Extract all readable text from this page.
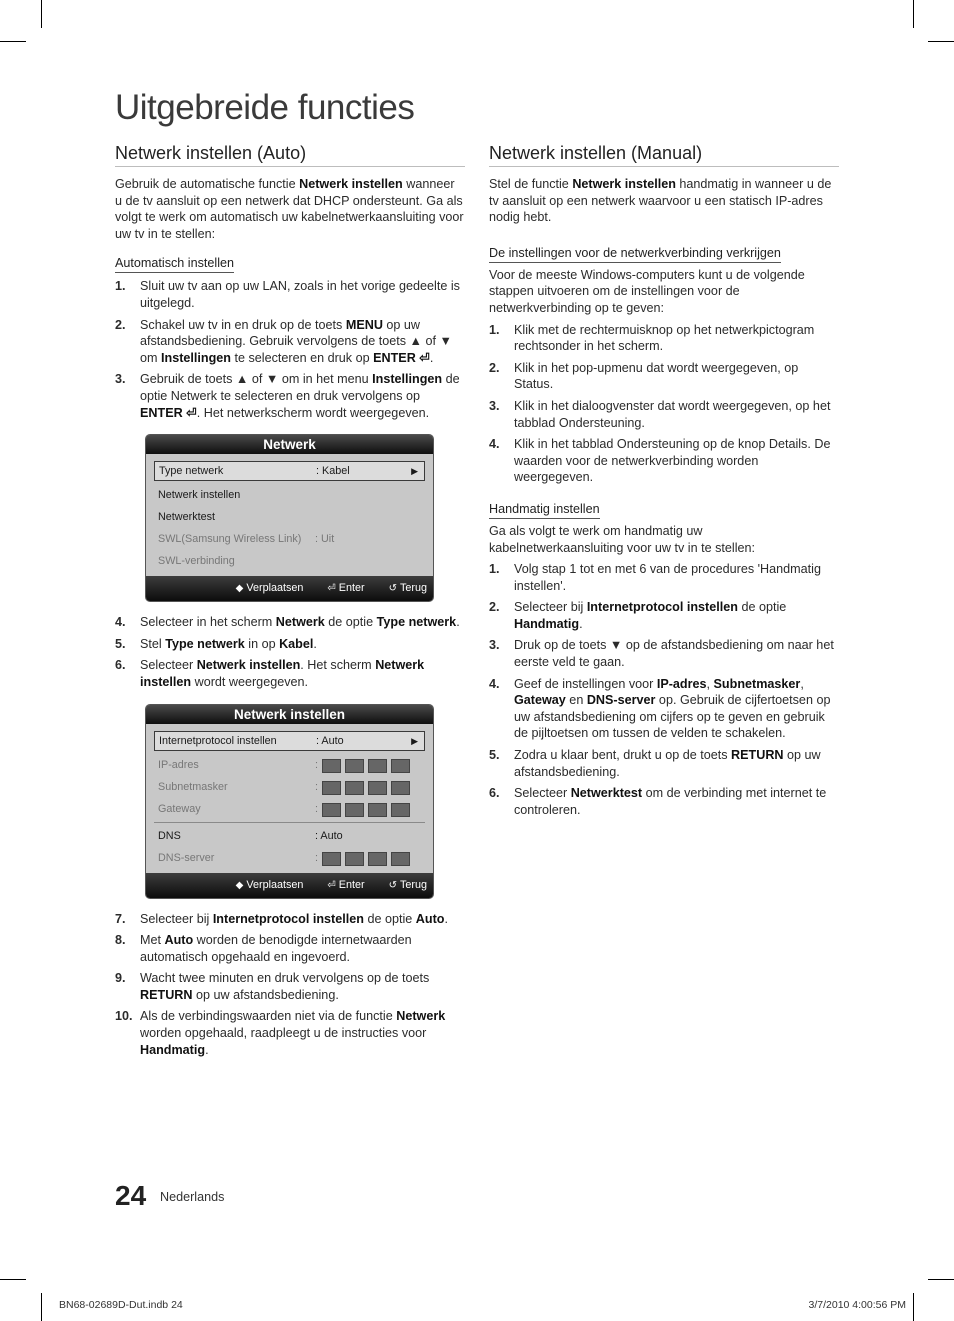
Uitgebreide functies
Netwerk instellen (Auto)

Gebruik de automatische functie Netwerk instellen wanneer u de tv aansluit op een netwerk dat DHCP ondersteunt. Ga als volgt te werk om automatisch uw kabelnetwerkaansluiting voor uw tv in te stellen:

Automatisch instellen
1. Sluit uw tv aan op uw LAN, zoals in het vorige gedeelte is uitgelegd.
2. Schakel uw tv in en druk op de toets MENU op uw afstandsbediening. Gebruik vervolgens de toets ▲ of ▼ om Instellingen te selecteren en druk op ENTER ⏎.
3. Gebruik de toets ▲ of ▼ om in het menu Instellingen de optie Netwerk te selecteren en druk vervolgens op ENTER ⏎. Het netwerkscherm wordt weergegeven.
Netwerk
Type netwerk	: Kabel	▶
Netwerk instellen
Netwerktest
SWL(Samsung Wireless Link) : Uit
SWL-verbinding
◆ Verplaatsen ⏎ Enter ↺ Terug
4. Selecteer in het scherm Netwerk de optie Type netwerk.
5. Stel Type netwerk in op Kabel.
6. Selecteer Netwerk instellen. Het scherm Netwerk instellen wordt weergegeven.
Netwerk instellen
Internetprotocol instellen	: Auto	▶
IP-adres	:
Subnetmasker	:
Gateway	:
DNS	: Auto
DNS-server	:
◆ Verplaatsen ⏎ Enter ↺ Terug
7. Selecteer bij Internetprotocol instellen de optie Auto.
8. Met Auto worden de benodigde internetwaarden automatisch opgehaald en ingevoerd.
9. Wacht twee minuten en druk vervolgens op de toets RETURN op uw afstandsbediening.
10. Als de verbindingswaarden niet via de functie Netwerk worden opgehaald, raadpleegt u de instructies voor Handmatig.
Netwerk instellen (Manual)

Stel de functie Netwerk instellen handmatig in wanneer u de tv aansluit op een netwerk waarvoor u een statisch IP-adres nodig hebt.

De instellingen voor de netwerkverbinding verkrijgen

Voor de meeste Windows-computers kunt u de volgende stappen uitvoeren om de instellingen voor de netwerkverbinding op te geven:

1. Klik met de rechtermuisknop op het netwerkpictogram rechtsonder in het scherm.
2. Klik in het pop-upmenu dat wordt weergegeven, op Status.
3. Klik in het dialoogvenster dat wordt weergegeven, op het tabblad Ondersteuning.
4. Klik in het tabblad Ondersteuning op de knop Details. De waarden voor de netwerkverbinding worden weergegeven.
Handmatig instellen

Ga als volgt te werk om handmatig uw kabelnetwerkaansluiting voor uw tv in te stellen:

1. Volg stap 1 tot en met 6 van de procedures 'Handmatig instellen'.
2. Selecteer bij Internetprotocol instellen de optie Handmatig.
3. Druk op de toets ▼ op de afstandsbediening om naar het eerste veld te gaan.
4. Geef de instellingen voor IP-adres, Subnetmasker, Gateway en DNS-server op. Gebruik de cijfertoetsen op uw afstandsbediening om cijfers op te geven en gebruik de pijltoetsen om tussen de velden te schakelen.
5. Zodra u klaar bent, drukt u op de toets RETURN op uw afstandsbediening.
6. Selecteer Netwerktest om de verbinding met internet te controleren.
24 Nederlands
BN68-02689D-Dut.indb 24	3/7/2010 4:00:56 PM
